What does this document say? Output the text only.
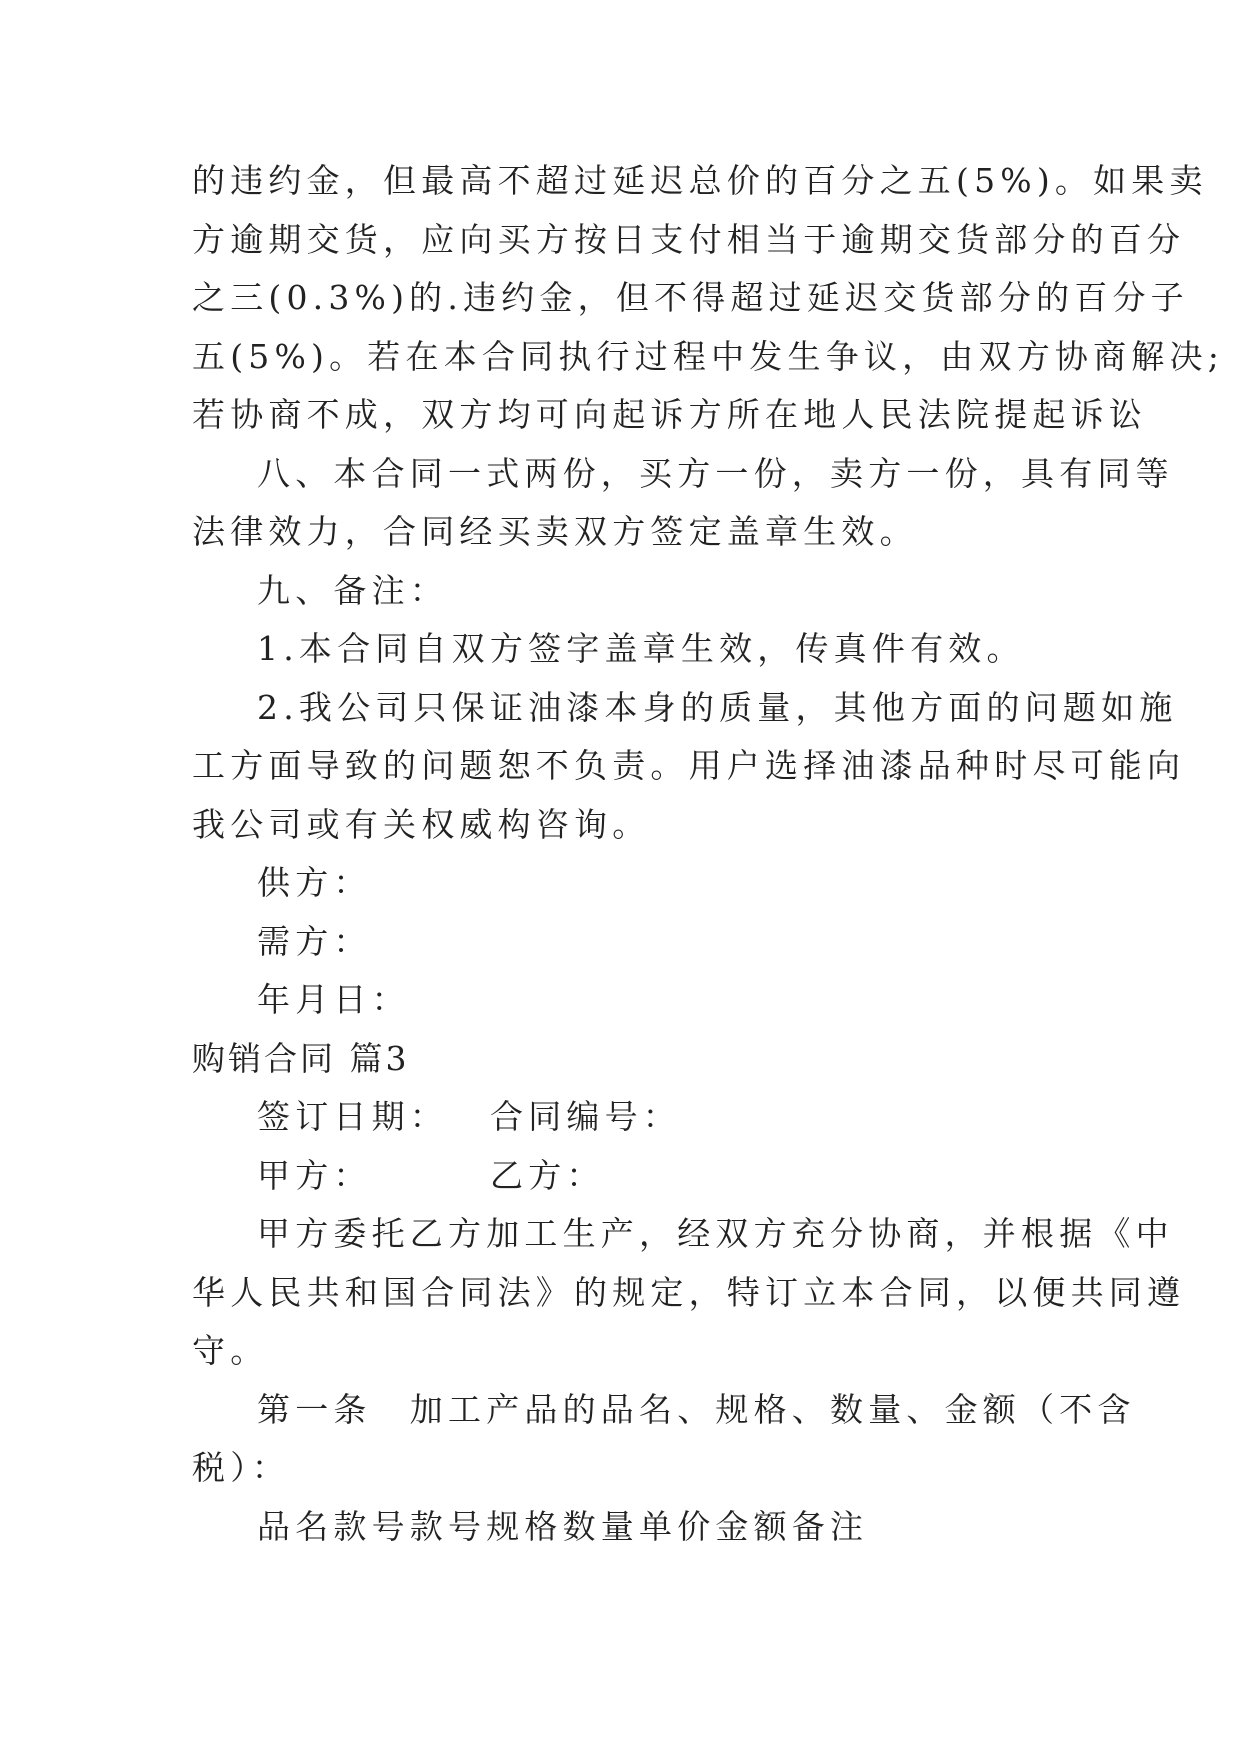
的违约金，但最高不超过延迟总价的百分之五(5%)。如果卖
方逾期交货，应向买方按日支付相当于逾期交货部分的百分
之三(0.3%)的.违约金，但不得超过延迟交货部分的百分子
五(5%)。若在本合同执行过程中发生争议，由双方协商解决;
若协商不成，双方均可向起诉方所在地人民法院提起诉讼
八、本合同一式两份，买方一份，卖方一份，具有同等
法律效力，合同经买卖双方签定盖章生效。
九、备注：
1.本合同自双方签字盖章生效，传真件有效。
2.我公司只保证油漆本身的质量，其他方面的问题如施
工方面导致的问题恕不负责。用户选择油漆品种时尽可能向
我公司或有关权威构咨询。
供方：
需方：
年月日：
购销合同 篇3
签订日期： 合同编号：
甲方：	乙方：
甲方委托乙方加工生产，经双方充分协商，并根据《中
华人民共和国合同法》的规定，特订立本合同，以便共同遵
守。
第一条　加工产品的品名、规格、数量、金额（不含
税）：
品名款号款号规格数量单价金额备注
